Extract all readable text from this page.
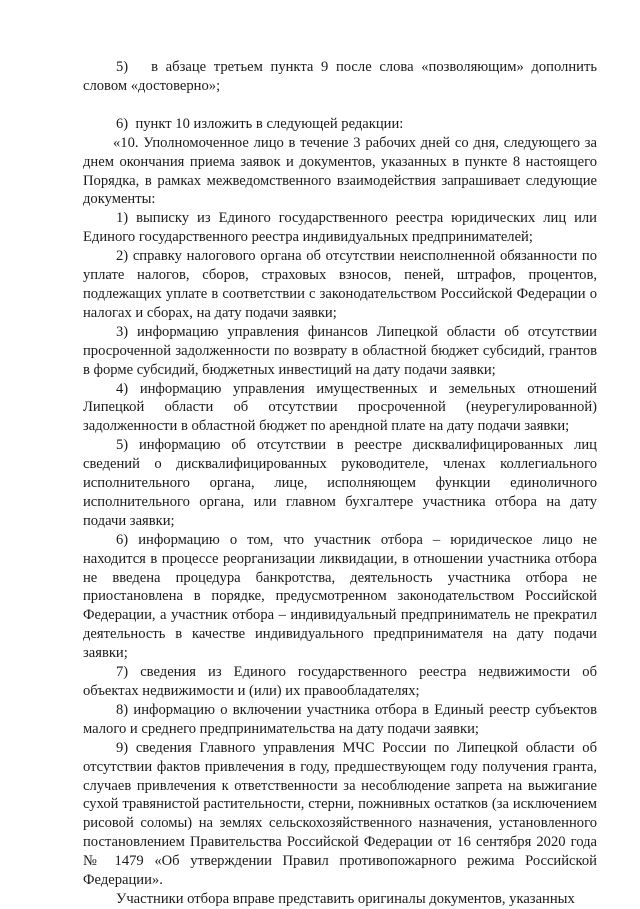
5)   в абзаце третьем пункта 9 после слова «позволяющим» дополнить словом «достоверно»;

6)  пункт 10 изложить в следующей редакции:

«10. Уполномоченное лицо в течение 3 рабочих дней со дня, следующего за днем окончания приема заявок и документов, указанных в пункте 8 настоящего Порядка, в рамках межведомственного взаимодействия запрашивает следующие документы:

1) выписку из Единого государственного реестра юридических лиц или Единого государственного реестра индивидуальных предпринимателей;

2) справку налогового органа об отсутствии неисполненной обязанности по уплате налогов, сборов, страховых взносов, пеней, штрафов, процентов, подлежащих уплате в соответствии с законодательством Российской Федерации о налогах и сборах, на дату подачи заявки;

3) информацию управления финансов Липецкой области об отсутствии просроченной задолженности по возврату в областной бюджет субсидий, грантов в форме субсидий, бюджетных инвестиций на дату подачи заявки;

4) информацию управления имущественных и земельных отношений Липецкой области об отсутствии просроченной (неурегулированной) задолженности в областной бюджет по арендной плате на дату подачи заявки;

5) информацию об отсутствии в реестре дисквалифицированных лиц сведений о дисквалифицированных руководителе, членах коллегиального исполнительного органа, лице, исполняющем функции единоличного исполнительного органа, или главном бухгалтере участника отбора на дату подачи заявки;

6) информацию о том, что участник отбора – юридическое лицо не находится в процессе реорганизации ликвидации, в отношении участника отбора не введена процедура банкротства, деятельность участника отбора не приостановлена в порядке, предусмотренном законодательством Российской Федерации, а участник отбора – индивидуальный предприниматель не прекратил деятельность в качестве индивидуального предпринимателя на дату подачи заявки;

7) сведения из Единого государственного реестра недвижимости об объектах недвижимости и (или) их правообладателях;

8) информацию о включении участника отбора в Единый реестр субъектов малого и среднего предпринимательства на дату подачи заявки;

9) сведения Главного управления МЧС России по Липецкой области об отсутствии фактов привлечения в году, предшествующем году получения гранта, случаев привлечения к ответственности за несоблюдение запрета на выжигание сухой травянистой растительности, стерни, пожнивных остатков (за исключением рисовой соломы) на землях сельскохозяйственного назначения, установленного постановлением Правительства Российской Федерации от 16 сентября 2020 года № 1479 «Об утверждении Правил противопожарного режима Российской Федерации».

Участники отбора вправе представить оригиналы документов, указанных
